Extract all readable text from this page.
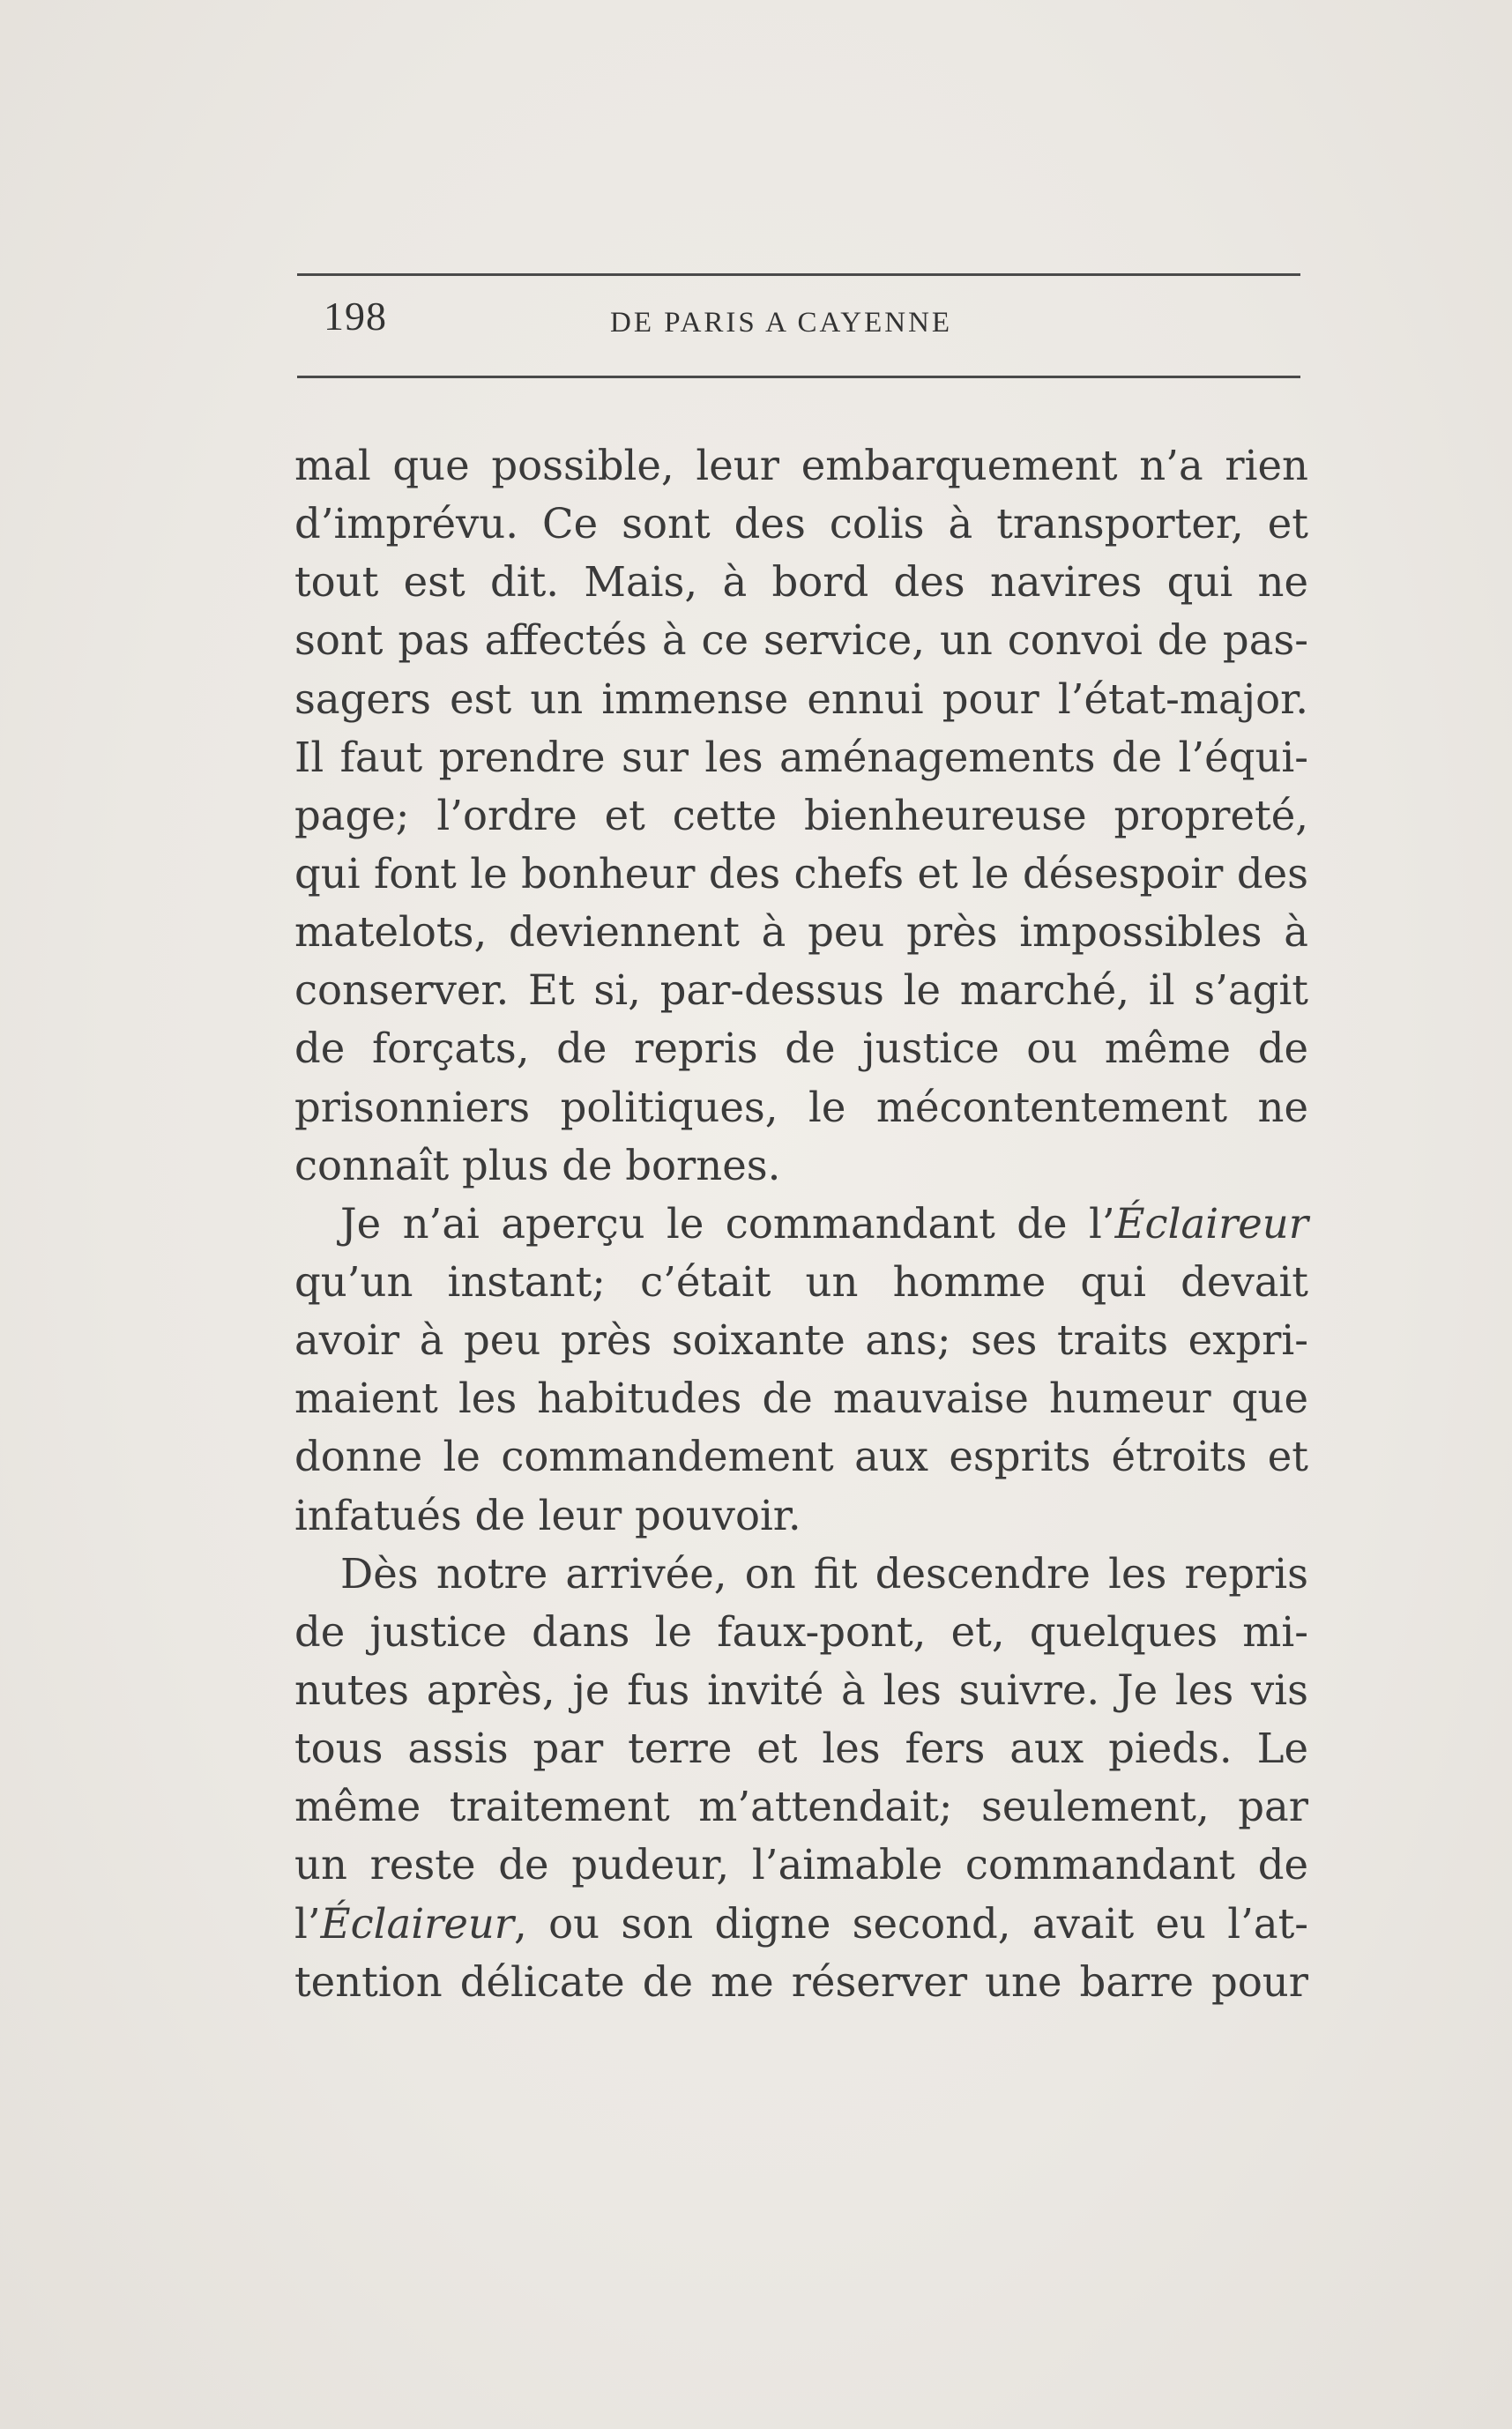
198	DE PARIS A CAYENNE
mal que possible, leur embarquement n’a rien
d’imprévu. Ce sont des colis à transporter, et
tout est dit. Mais, à bord des navires qui ne
sont pas affectés à ce service, un convoi de pas-
sagers est un immense ennui pour l’état-major.
Il faut prendre sur les aménagements de l’équi-
page; l’ordre et cette bienheureuse propreté,
qui font le bonheur des chefs et le désespoir des
matelots, deviennent à peu près impossibles à
conserver. Et si, par-dessus le marché, il s’agit
de forçats, de repris de justice ou même de
prisonniers politiques, le mécontentement ne
connaît plus de bornes.
Je n’ai aperçu le commandant de l’Éclaireur
qu’un instant; c’était un homme qui devait
avoir à peu près soixante ans; ses traits expri-
maient les habitudes de mauvaise humeur que
donne le commandement aux esprits étroits et
infatués de leur pouvoir.
Dès notre arrivée, on fit descendre les repris
de justice dans le faux-pont, et, quelques mi-
nutes après, je fus invité à les suivre. Je les vis
tous assis par terre et les fers aux pieds. Le
même traitement m’attendait; seulement, par
un reste de pudeur, l’aimable commandant de
l’Éclaireur, ou son digne second, avait eu l’at-
tention délicate de me réserver une barre pour
